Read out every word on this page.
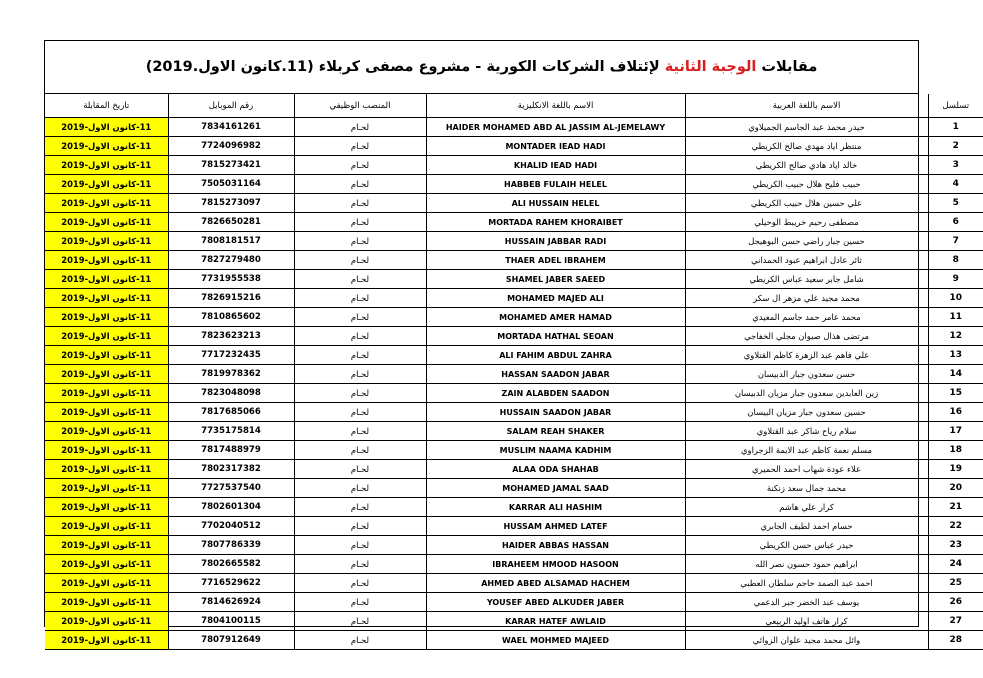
مقابلات

الوجبة الثانية

لإئتلاف الشركات الكورية - مشروع مصفى كربلاء (11.كانون الاول.2019)
تسلسل	الاسم باللغة العربية	الاسم باللغة الانكليزية	المنصب الوظيفي	رقم الموبايل	تاريخ المقابلة
1	حيدر محمد عبد الجاسم الجميلاوي	HAIDER MOHAMED ABD AL JASSIM AL-JEMELAWY	لحـام	7834161261	11-كانون الاول-2019
2	منتظر اياد مهدي صالح الكريطي	MONTADER IEAD HADI	لحـام	7724096982	11-كانون الاول-2019
3	خالد اياد هادي صالح الكريطي	KHALID IEAD HADI	لحـام	7815273421	11-كانون الاول-2019
4	حبيب فليح هلال حبيب الكريطي	HABBEB FULAIH HELEL	لحـام	7505031164	11-كانون الاول-2019
5	علي حسين هلال حبيب الكريطي	ALI HUSSAIN HELEL	لحـام	7815273097	11-كانون الاول-2019
6	مصطفى رحيم خريبط الوحيلي	MORTADA RAHEM KHORAIBET	لحـام	7826650281	11-كانون الاول-2019
7	حسين جبار راضي حسن البوهيجل	HUSSAIN JABBAR RADI	لحـام	7808181517	11-كانون الاول-2019
8	ثائر عادل ابراهيم عبود الحمداني	THAER ADEL IBRAHEM	لحـام	7827279480	11-كانون الاول-2019
9	شامل جابر سعيد عباس الكريطي	SHAMEL JABER SAEED	لحـام	7731955538	11-كانون الاول-2019
10	محمد مجيد علي مزهر ال سكر	MOHAMED MAJED ALI	لحـام	7826915216	11-كانون الاول-2019
11	محمد عامر حمد جاسم المعيدي	MOHAMED AMER HAMAD	لحـام	7810865602	11-كانون الاول-2019
12	مرتضى هذال صيوان مجلي الخفاجي	MORTADA HATHAL SEOAN	لحـام	7823623213	11-كانون الاول-2019
13	علي فاهم عبد الزهرة كاظم القتلاوي	ALI FAHIM ABDUL ZAHRA	لحـام	7717232435	11-كانون الاول-2019
14	حسن سعدون جبار الدبيسان	HASSAN SAADON JABAR	لحـام	7819978362	11-كانون الاول-2019
15	زين العابدين سعدون جبار مزيان الدبيسان	ZAIN ALABDEN SAADON	لحـام	7823048098	11-كانون الاول-2019
16	حسين سعدون جبار مزيان البيسان	HUSSAIN SAADON JABAR	لحـام	7817685066	11-كانون الاول-2019
17	سلام رياح شاكر عبد القتلاوي	SALAM REAH SHAKER	لحـام	7735175814	11-كانون الاول-2019
18	مسلم نعمة كاظم عبد الايمة الزجراوي	MUSLIM NAAMA KADHIM	لحـام	7817488979	11-كانون الاول-2019
19	علاء عودة شهاب احمد الحميري	ALAA ODA SHAHAB	لحـام	7802317382	11-كانون الاول-2019
20	محمد جمال سعد زنكنة	MOHAMED JAMAL SAAD	لحـام	7727537540	11-كانون الاول-2019
21	كرار علي هاشم	KARRAR ALI HASHIM	لحـام	7802601304	11-كانون الاول-2019
22	حسام احمد لطيف الجابري	HUSSAM AHMED LATEF	لحـام	7702040512	11-كانون الاول-2019
23	حيدر عباس حسن الكريطي	HAIDER ABBAS HASSAN	لحـام	7807786339	11-كانون الاول-2019
24	ابراهيم حمود حسون نصر الله	IBRAHEEM HMOOD HASOON	لحـام	7802665582	11-كانون الاول-2019
25	احمد عبد الصمد حاجم سلطان العطبي	AHMED ABED ALSAMAD HACHEM	لحـام	7716529622	11-كانون الاول-2019
26	يوسف عبد الخضر جبر الدعمي	YOUSEF ABED ALKUDER JABER	لحـام	7814626924	11-كانون الاول-2019
27	كرار هاتف اوليد الربيعي	KARAR HATEF AWLAID	لحـام	7804100115	11-كانون الاول-2019
28	وائل محمد مجيد علوان الزوائي	WAEL MOHMED MAJEED	لحـام	7807912649	11-كانون الاول-2019
